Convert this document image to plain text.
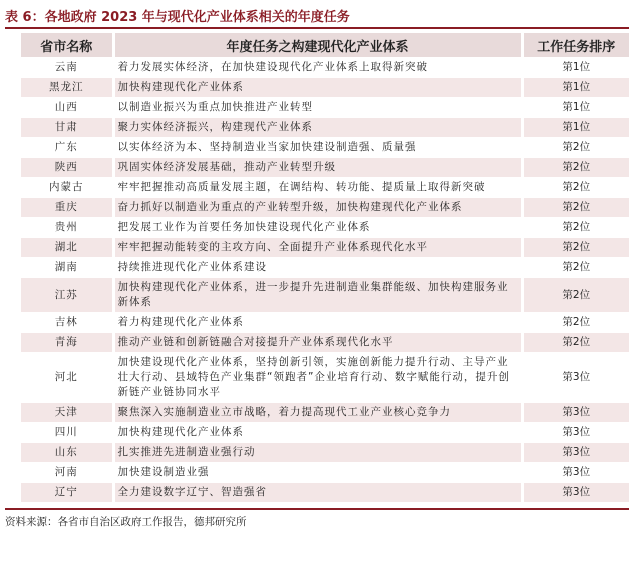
表 6：各地政府 2023 年与现代化产业体系相关的年度任务
省市名称	年度任务之构建现代化产业体系	工作任务排序
云南	着力发展实体经济，在加快建设现代化产业体系上取得新突破	第1位
黑龙江	加快构建现代化产业体系	第1位
山西	以制造业振兴为重点加快推进产业转型	第1位
甘肃	聚力实体经济振兴，构建现代产业体系	第1位
广东	以实体经济为本、坚持制造业当家加快建设制造强、质量强	第2位
陕西	巩固实体经济发展基础，推动产业转型升级	第2位
内蒙古	牢牢把握推动高质量发展主题，在调结构、转功能、提质量上取得新突破	第2位
重庆	奋力抓好以制造业为重点的产业转型升级，加快构建现代化产业体系	第2位
贵州	把发展工业作为首要任务加快建设现代化产业体系	第2位
湖北	牢牢把握动能转变的主攻方向、全面提升产业体系现代化水平	第2位
湖南	持续推进现代化产业体系建设	第2位
江苏	加快构建现代化产业体系，进一步提升先进制造业集群能级、加快构建服务业新体系	第2位
吉林	着力构建现代化产业体系	第2位
青海	推动产业链和创新链融合对接提升产业体系现代化水平	第2位
河北	加快建设现代化产业体系，坚持创新引领，实施创新能力提升行动、主导产业壮大行动、县域特色产业集群“领跑者”企业培育行动、数字赋能行动，提升创新链产业链协同水平	第3位
天津	聚焦深入实施制造业立市战略，着力提高现代工业产业核心竞争力	第3位
四川	加快构建现代化产业体系	第3位
山东	扎实推进先进制造业强行动	第3位
河南	加快建设制造业强	第3位
辽宁	全力建设数字辽宁、智造强省	第3位
资料来源：各省市自治区政府工作报告，德邦研究所
